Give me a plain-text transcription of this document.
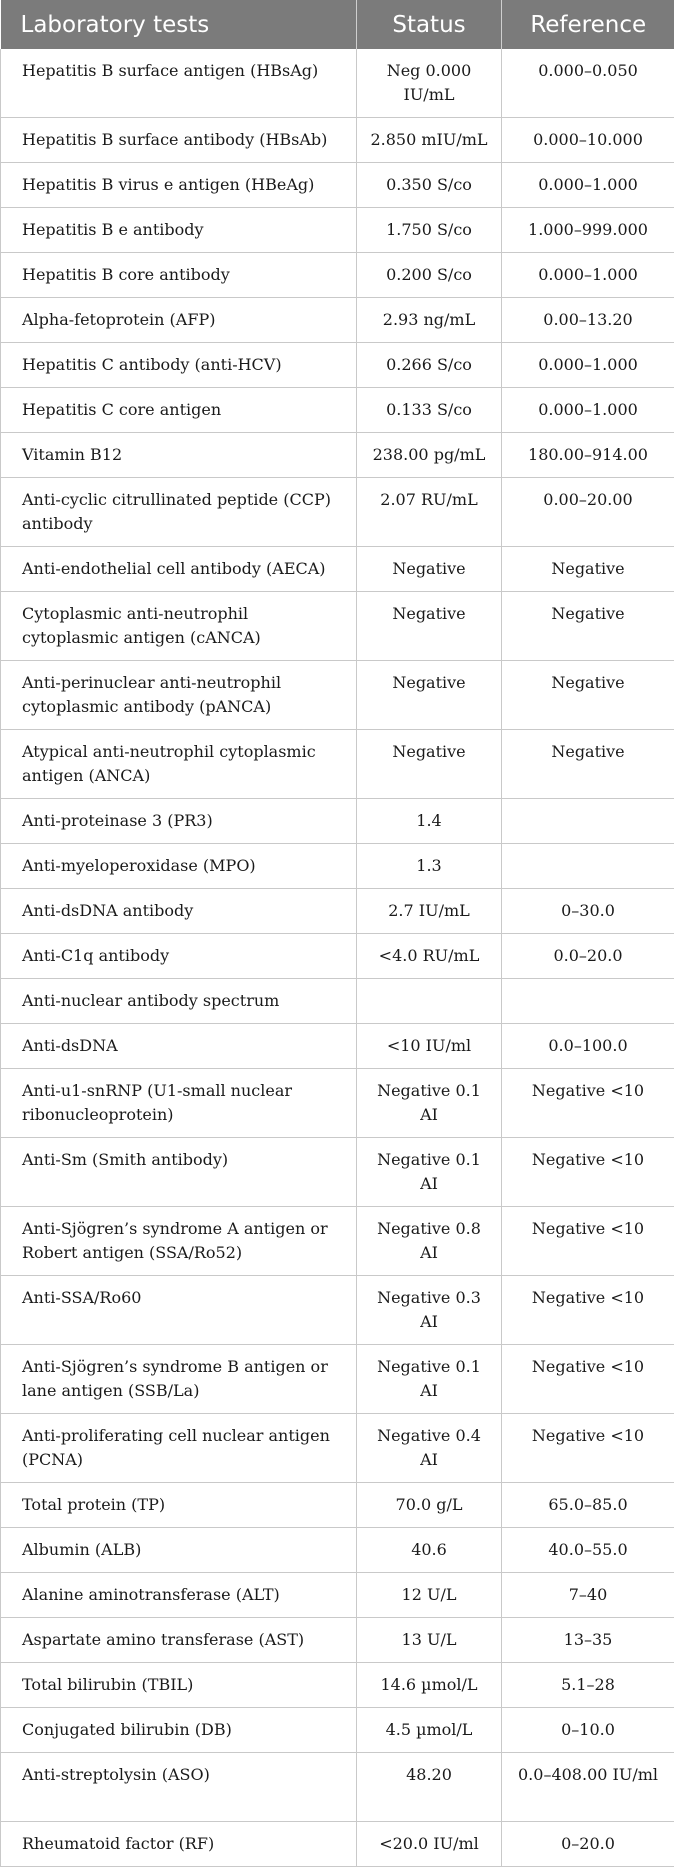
Laboratory tests	Status	Reference
Hepatitis B surface antigen (HBsAg)	Neg 0.000 IU/mL	0.000–0.050
Hepatitis B surface antibody (HBsAb)	2.850 mIU/mL	0.000–10.000
Hepatitis B virus e antigen (HBeAg)	0.350 S/co	0.000–1.000
Hepatitis B e antibody	1.750 S/co	1.000–999.000
Hepatitis B core antibody	0.200 S/co	0.000–1.000
Alpha-fetoprotein (AFP)	2.93 ng/mL	0.00–13.20
Hepatitis C antibody (anti-HCV)	0.266 S/co	0.000–1.000
Hepatitis C core antigen	0.133 S/co	0.000–1.000
Vitamin B12	238.00 pg/mL	180.00–914.00
Anti-cyclic citrullinated peptide (CCP) antibody	2.07 RU/mL	0.00–20.00
Anti-endothelial cell antibody (AECA)	Negative	Negative
Cytoplasmic anti-neutrophil cytoplasmic antigen (cANCA)	Negative	Negative
Anti-perinuclear anti-neutrophil cytoplasmic antibody (pANCA)	Negative	Negative
Atypical anti-neutrophil cytoplasmic antigen (ANCA)	Negative	Negative
Anti-proteinase 3 (PR3)	1.4	
Anti-myeloperoxidase (MPO)	1.3	
Anti-dsDNA antibody	2.7 IU/mL	0–30.0
Anti-C1q antibody	<4.0 RU/mL	0.0–20.0
Anti-nuclear antibody spectrum		
Anti-dsDNA	<10 IU/ml	0.0–100.0
Anti-u1-snRNP (U1-small nuclear ribonucleoprotein)	Negative 0.1 AI	Negative <10
Anti-Sm (Smith antibody)	Negative 0.1 AI	Negative <10
Anti-Sjögren’s syndrome A antigen or Robert antigen (SSA/Ro52)	Negative 0.8 AI	Negative <10
Anti-SSA/Ro60	Negative 0.3 AI	Negative <10
Anti-Sjögren’s syndrome B antigen or lane antigen (SSB/La)	Negative 0.1 AI	Negative <10
Anti-proliferating cell nuclear antigen (PCNA)	Negative 0.4 AI	Negative <10
Total protein (TP)	70.0 g/L	65.0–85.0
Albumin (ALB)	40.6	40.0–55.0
Alanine aminotransferase (ALT)	12 U/L	7–40
Aspartate amino transferase (AST)	13 U/L	13–35
Total bilirubin (TBIL)	14.6 µmol/L	5.1–28
Conjugated bilirubin (DB)	4.5 µmol/L	0–10.0
Anti-streptolysin (ASO)	48.20	0.0–408.00 IU/ml
Rheumatoid factor (RF)	<20.0 IU/ml	0–20.0
